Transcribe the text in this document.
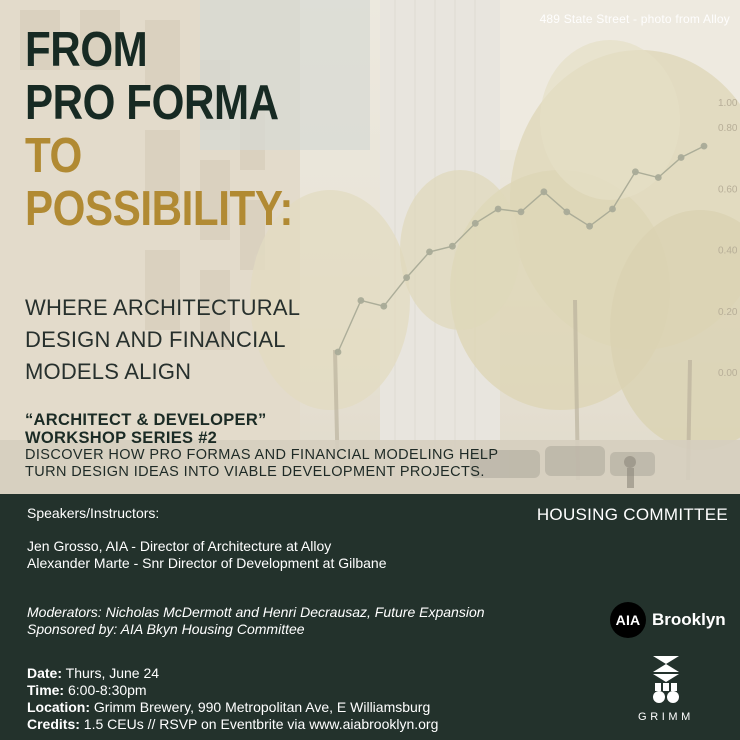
1.00
0.80
0.60
0.40
0.20
0.00
489 State Street - photo from Alloy
FROM
PRO FORMA
TO
POSSIBILITY:
WHERE ARCHITECTURAL
DESIGN AND FINANCIAL
MODELS ALIGN
“ARCHITECT & DEVELOPER”
WORKSHOP SERIES #2
DISCOVER HOW PRO FORMAS AND FINANCIAL MODELING HELP
TURN DESIGN IDEAS INTO VIABLE DEVELOPMENT PROJECTS.
Speakers/Instructors:	HOUSING COMMITTEE
Jen Grosso, AIA - Director of Architecture at Alloy
Alexander Marte - Snr Director of Development at Gilbane
Moderators: Nicholas McDermott and Henri Decrausaz, Future Expansion
Sponsored by: AIA Bkyn Housing Committee
Date: Thurs, June 24
Time: 6:00-8:30pm
Location: Grimm Brewery, 990 Metropolitan Ave, E Williamsburg
Credits: 1.5 CEUs // RSVP on Eventbrite via www.aiabrooklyn.org
AIA Brooklyn
GRIMM
